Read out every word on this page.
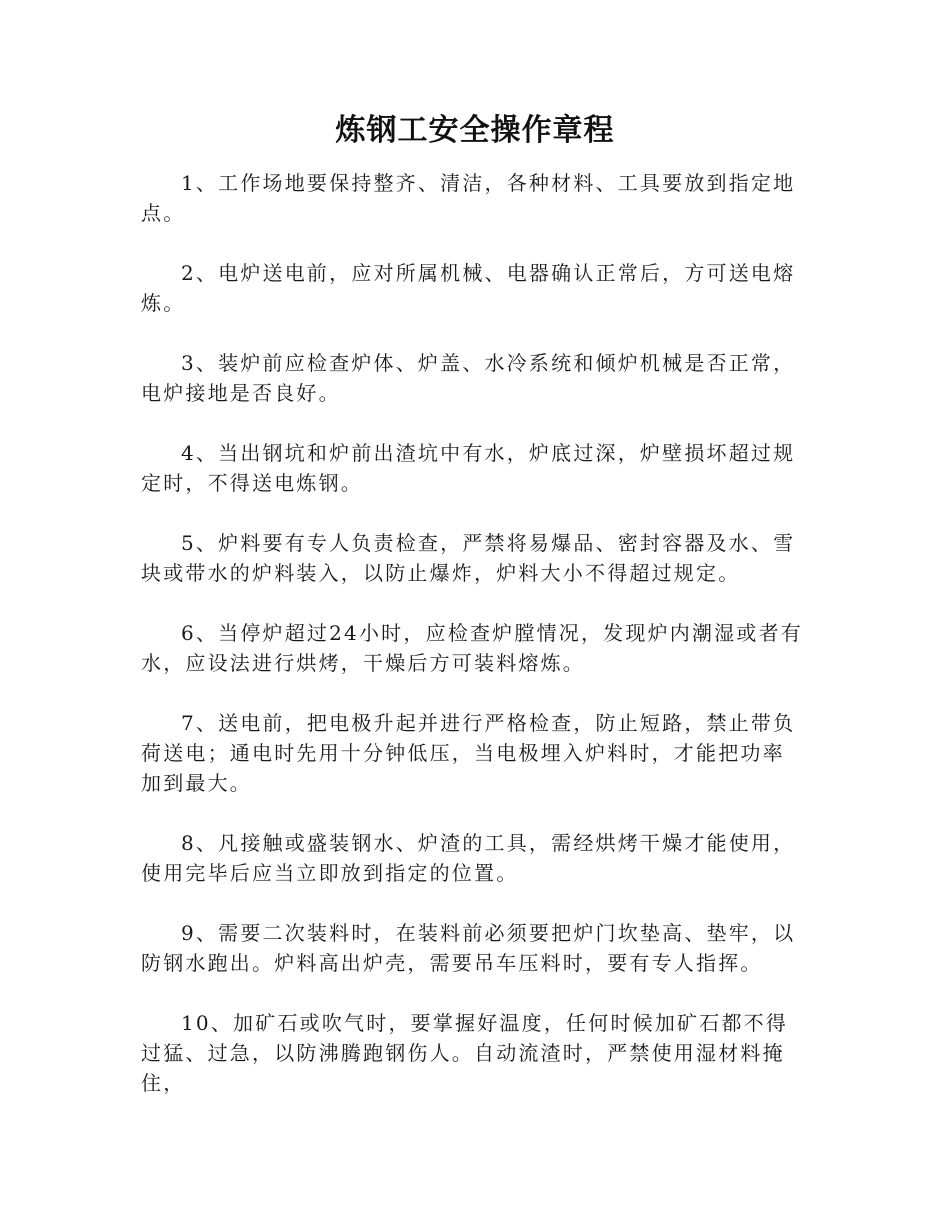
炼钢工安全操作章程

1、工作场地要保持整齐、清洁，各种材料、工具要放到指定地点。

2、电炉送电前，应对所属机械、电器确认正常后，方可送电熔炼。

3、装炉前应检查炉体、炉盖、水冷系统和倾炉机械是否正常，电炉接地是否良好。

4、当出钢坑和炉前出渣坑中有水，炉底过深，炉壁损坏超过规定时，不得送电炼钢。

5、炉料要有专人负责检查，严禁将易爆品、密封容器及水、雪块或带水的炉料装入，以防止爆炸，炉料大小不得超过规定。

6、当停炉超过24小时，应检查炉膛情况，发现炉内潮湿或者有水，应设法进行烘烤，干燥后方可装料熔炼。

7、送电前，把电极升起并进行严格检查，防止短路，禁止带负荷送电；通电时先用十分钟低压，当电极埋入炉料时，才能把功率加到最大。

8、凡接触或盛装钢水、炉渣的工具，需经烘烤干燥才能使用，使用完毕后应当立即放到指定的位置。

9、需要二次装料时，在装料前必须要把炉门坎垫高、垫牢，以防钢水跑出。炉料高出炉壳，需要吊车压料时，要有专人指挥。

10、加矿石或吹气时，要掌握好温度，任何时候加矿石都不得过猛、过急，以防沸腾跑钢伤人。自动流渣时，严禁使用湿材料掩住，
